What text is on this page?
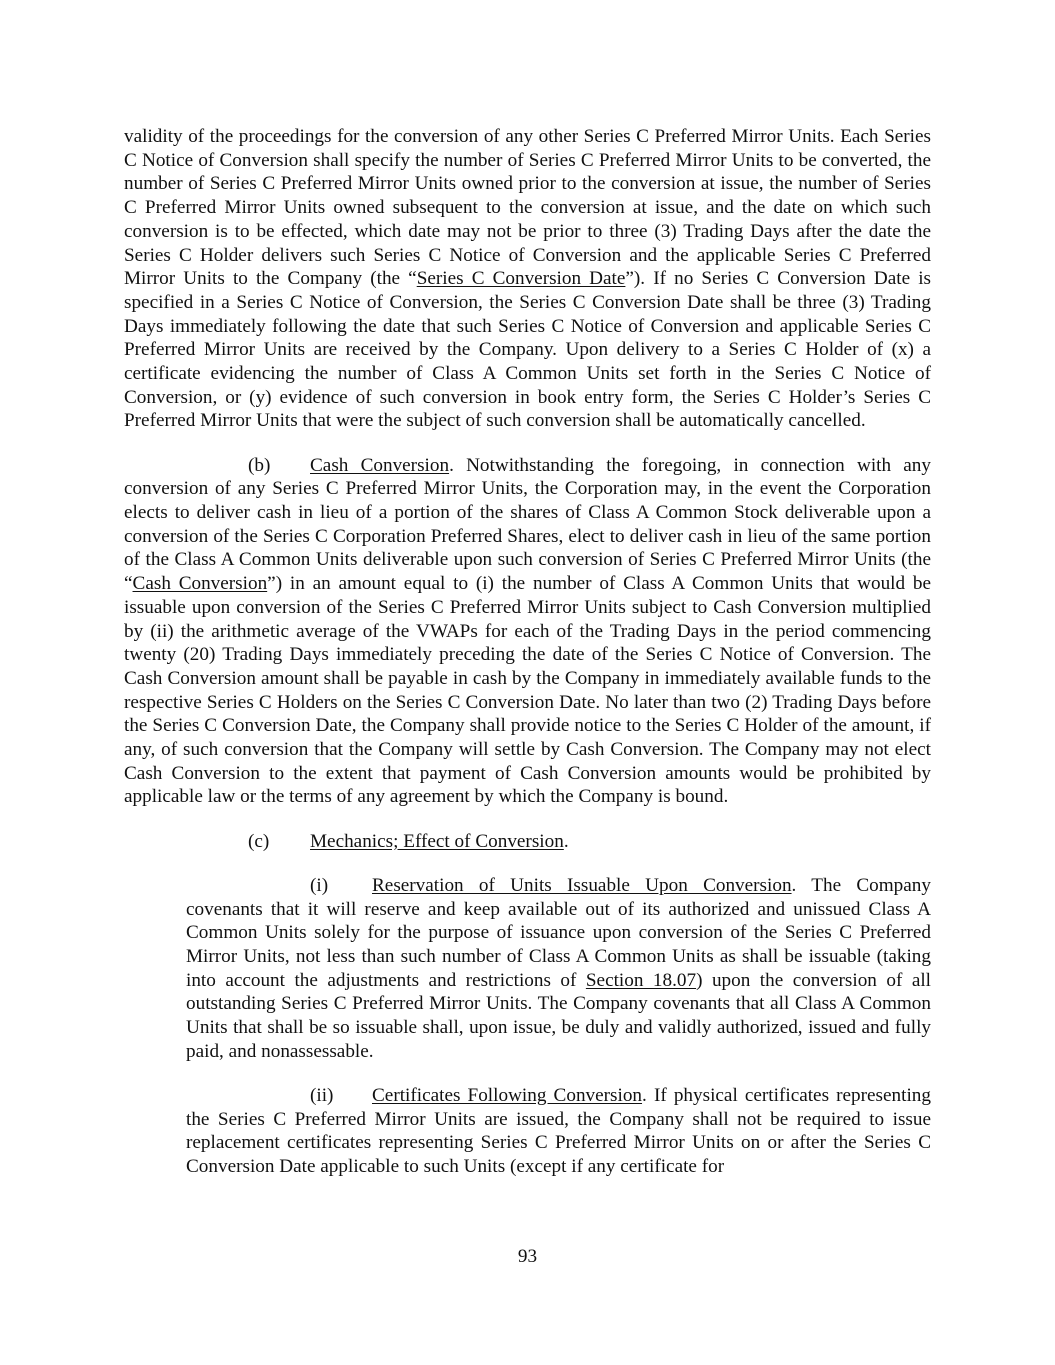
validity of the proceedings for the conversion of any other Series C Preferred Mirror Units. Each Series C Notice of Conversion shall specify the number of Series C Preferred Mirror Units to be converted, the number of Series C Preferred Mirror Units owned prior to the conversion at issue, the number of Series C Preferred Mirror Units owned subsequent to the conversion at issue, and the date on which such conversion is to be effected, which date may not be prior to three (3) Trading Days after the date the Series C Holder delivers such Series C Notice of Conversion and the applicable Series C Preferred Mirror Units to the Company (the “Series C Conversion Date”). If no Series C Conversion Date is specified in a Series C Notice of Conversion, the Series C Conversion Date shall be three (3) Trading Days immediately following the date that such Series C Notice of Conversion and applicable Series C Preferred Mirror Units are received by the Company. Upon delivery to a Series C Holder of (x) a certificate evidencing the number of Class A Common Units set forth in the Series C Notice of Conversion, or (y) evidence of such conversion in book entry form, the Series C Holder’s Series C Preferred Mirror Units that were the subject of such conversion shall be automatically cancelled.

(b) Cash Conversion. Notwithstanding the foregoing, in connection with any conversion of any Series C Preferred Mirror Units, the Corporation may, in the event the Corporation elects to deliver cash in lieu of a portion of the shares of Class A Common Stock deliverable upon a conversion of the Series C Corporation Preferred Shares, elect to deliver cash in lieu of the same portion of the Class A Common Units deliverable upon such conversion of Series C Preferred Mirror Units (the “Cash Conversion”) in an amount equal to (i) the number of Class A Common Units that would be issuable upon conversion of the Series C Preferred Mirror Units subject to Cash Conversion multiplied by (ii) the arithmetic average of the VWAPs for each of the Trading Days in the period commencing twenty (20) Trading Days immediately preceding the date of the Series C Notice of Conversion. The Cash Conversion amount shall be payable in cash by the Company in immediately available funds to the respective Series C Holders on the Series C Conversion Date. No later than two (2) Trading Days before the Series C Conversion Date, the Company shall provide notice to the Series C Holder of the amount, if any, of such conversion that the Company will settle by Cash Conversion. The Company may not elect Cash Conversion to the extent that payment of Cash Conversion amounts would be prohibited by applicable law or the terms of any agreement by which the Company is bound.

(c) Mechanics; Effect of Conversion.

(i) Reservation of Units Issuable Upon Conversion. The Company covenants that it will reserve and keep available out of its authorized and unissued Class A Common Units solely for the purpose of issuance upon conversion of the Series C Preferred Mirror Units, not less than such number of Class A Common Units as shall be issuable (taking into account the adjustments and restrictions of Section 18.07) upon the conversion of all outstanding Series C Preferred Mirror Units. The Company covenants that all Class A Common Units that shall be so issuable shall, upon issue, be duly and validly authorized, issued and fully paid, and nonassessable.

(ii) Certificates Following Conversion. If physical certificates representing the Series C Preferred Mirror Units are issued, the Company shall not be required to issue replacement certificates representing Series C Preferred Mirror Units on or after the Series C Conversion Date applicable to such Units (except if any certificate for

93
